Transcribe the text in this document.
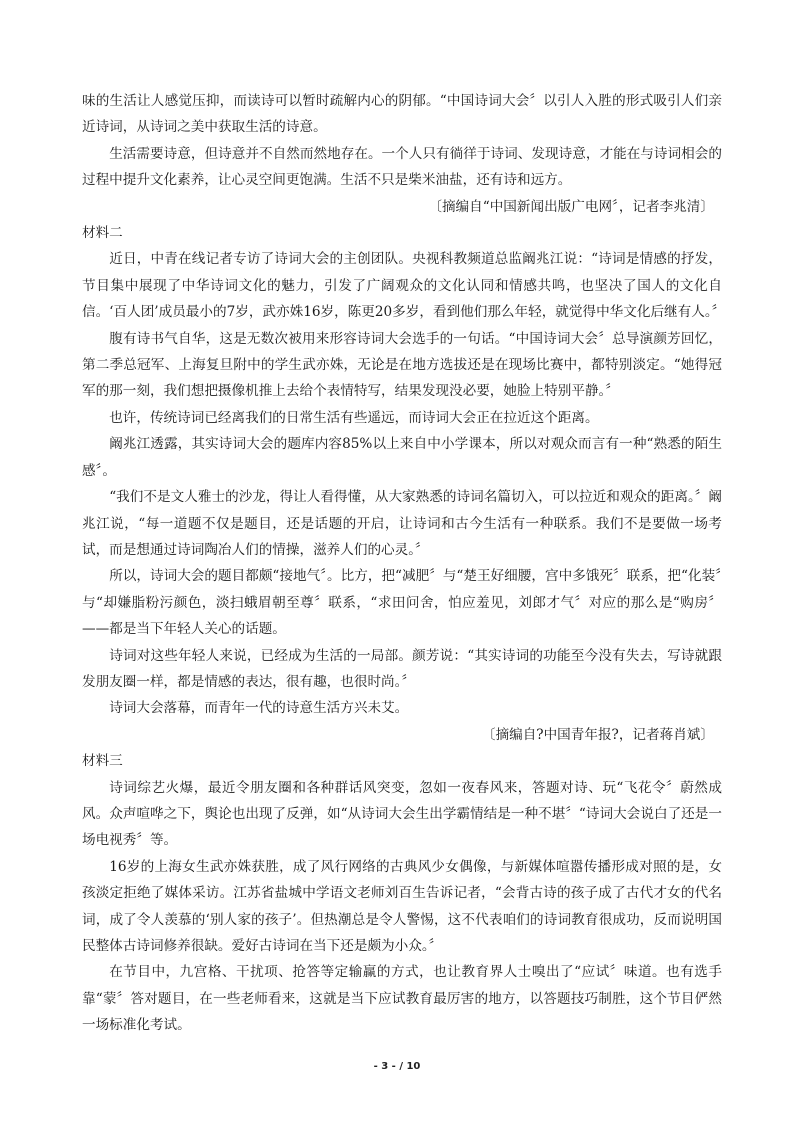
味的生活让人感觉压抑，而读诗可以暂时疏解内心的阴郁。“中国诗词大会〞以引人入胜的形式吸引人们亲近诗词，从诗词之美中获取生活的诗意。

生活需要诗意，但诗意并不自然而然地存在。一个人只有徜徉于诗词、发现诗意，才能在与诗词相会的过程中提升文化素养，让心灵空间更饱满。生活不只是柴米油盐，还有诗和远方。

〔摘编自“中国新闻出版广电网〞，记者李兆清〕

材料二

近日，中青在线记者专访了诗词大会的主创团队。央视科教频道总监阚兆江说：“诗词是情感的抒发，节目集中展现了中华诗词文化的魅力，引发了广阔观众的文化认同和情感共鸣，也坚决了国人的文化自信。‘百人团’成员最小的7岁，武亦姝16岁，陈更20多岁，看到他们那么年轻，就觉得中华文化后继有人。〞

腹有诗书气自华，这是无数次被用来形容诗词大会选手的一句话。“中国诗词大会〞总导演颜芳回忆，第二季总冠军、上海复旦附中的学生武亦姝，无论是在地方选拔还是在现场比赛中，都特别淡定。“她得冠军的那一刻，我们想把摄像机推上去给个表情特写，结果发现没必要，她脸上特别平静。〞

也许，传统诗词已经离我们的日常生活有些遥远，而诗词大会正在拉近这个距离。

阚兆江透露，其实诗词大会的题库内容85%以上来自中小学课本，所以对观众而言有一种“熟悉的陌生感〞。

“我们不是文人雅士的沙龙，得让人看得懂，从大家熟悉的诗词名篇切入，可以拉近和观众的距离。〞阚兆江说，“每一道题不仅是题目，还是话题的开启，让诗词和古今生活有一种联系。我们不是要做一场考试，而是想通过诗词陶冶人们的情操，滋养人们的心灵。〞

所以，诗词大会的题目都颇“接地气〞。比方，把“减肥〞与“楚王好细腰，宫中多饿死〞联系，把“化装〞与“却嫌脂粉污颜色，淡扫蛾眉朝至尊〞联系，“求田问舍，怕应羞见，刘郎才气〞对应的那么是“购房〞——都是当下年轻人关心的话题。

诗词对这些年轻人来说，已经成为生活的一局部。颜芳说：“其实诗词的功能至今没有失去，写诗就跟发朋友圈一样，都是情感的表达，很有趣，也很时尚。〞

诗词大会落幕，而青年一代的诗意生活方兴未艾。

〔摘编自?中国青年报?，记者蒋肖斌〕

材料三

诗词综艺火爆，最近令朋友圈和各种群话风突变，忽如一夜春风来，答题对诗、玩“飞花令〞蔚然成风。众声喧哗之下，舆论也出现了反弹，如“从诗词大会生出学霸情结是一种不堪〞“诗词大会说白了还是一场电视秀〞等。

16岁的上海女生武亦姝获胜，成了风行网络的古典风少女偶像，与新媒体喧嚣传播形成对照的是，女孩淡定拒绝了媒体采访。江苏省盐城中学语文老师刘百生告诉记者，“会背古诗的孩子成了古代才女的代名词，成了令人羡慕的‘别人家的孩子’。但热潮总是令人警惕，这不代表咱们的诗词教育很成功，反而说明国民整体古诗词修养很缺。爱好古诗词在当下还是颇为小众。〞

在节目中，九宫格、干扰项、抢答等定输赢的方式，也让教育界人士嗅出了“应试〞味道。也有选手靠“蒙〞答对题目，在一些老师看来，这就是当下应试教育最厉害的地方，以答题技巧制胜，这个节目俨然一场标准化考试。

- 3 - / 10
